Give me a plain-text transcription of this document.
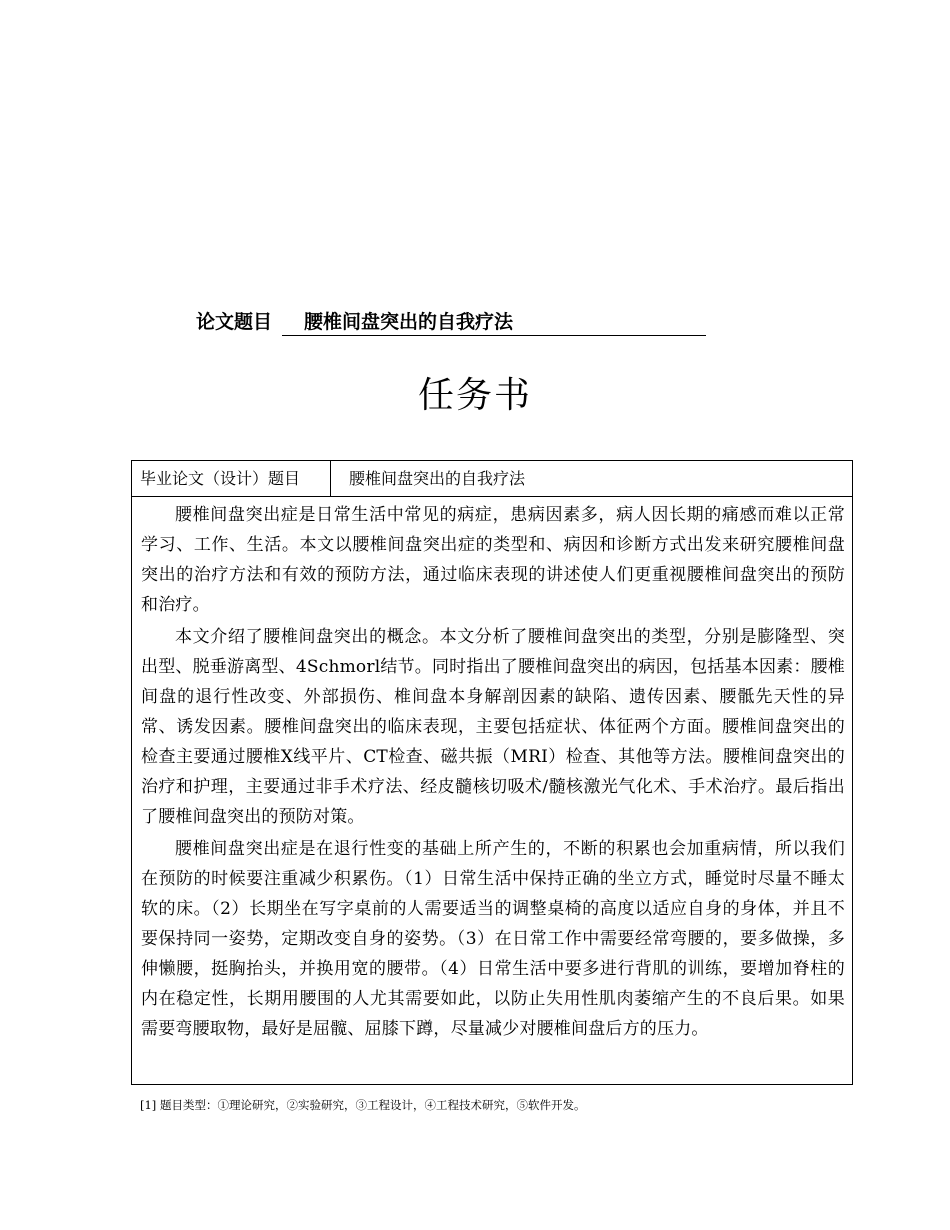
论文题目	腰椎间盘突出的自我疗法
任务书
毕业论文（设计）题目	腰椎间盘突出的自我疗法

腰椎间盘突出症是日常生活中常见的病症，患病因素多，病人因长期的痛感而难以正常学习、工作、生活。本文以腰椎间盘突出症的类型和、病因和诊断方式出发来研究腰椎间盘突出的治疗方法和有效的预防方法，通过临床表现的讲述使人们更重视腰椎间盘突出的预防和治疗。

本文介绍了腰椎间盘突出的概念。本文分析了腰椎间盘突出的类型，分别是膨隆型、突出型、脱垂游离型、4Schmorl结节。同时指出了腰椎间盘突出的病因，包括基本因素：腰椎间盘的退行性改变、外部损伤、椎间盘本身解剖因素的缺陷、遗传因素、腰骶先天性的异常、诱发因素。腰椎间盘突出的临床表现，主要包括症状、体征两个方面。腰椎间盘突出的检查主要通过腰椎X线平片、CT检查、磁共振（MRI）检查、其他等方法。腰椎间盘突出的治疗和护理，主要通过非手术疗法、经皮髓核切吸术/髓核激光气化术、手术治疗。最后指出了腰椎间盘突出的预防对策。

腰椎间盘突出症是在退行性变的基础上所产生的，不断的积累也会加重病情，所以我们在预防的时候要注重减少积累伤。（1）日常生活中保持正确的坐立方式，睡觉时尽量不睡太软的床。（2）长期坐在写字桌前的人需要适当的调整桌椅的高度以适应自身的身体，并且不要保持同一姿势，定期改变自身的姿势。（3）在日常工作中需要经常弯腰的，要多做操，多伸懒腰，挺胸抬头，并换用宽的腰带。（4）日常生活中要多进行背肌的训练，要增加脊柱的内在稳定性，长期用腰围的人尤其需要如此，以防止失用性肌肉萎缩产生的不良后果。如果需要弯腰取物，最好是屈髋、屈膝下蹲，尽量减少对腰椎间盘后方的压力。

[1] 题目类型：①理论研究，②实验研究，③工程设计，④工程技术研究，⑤软件开发。
